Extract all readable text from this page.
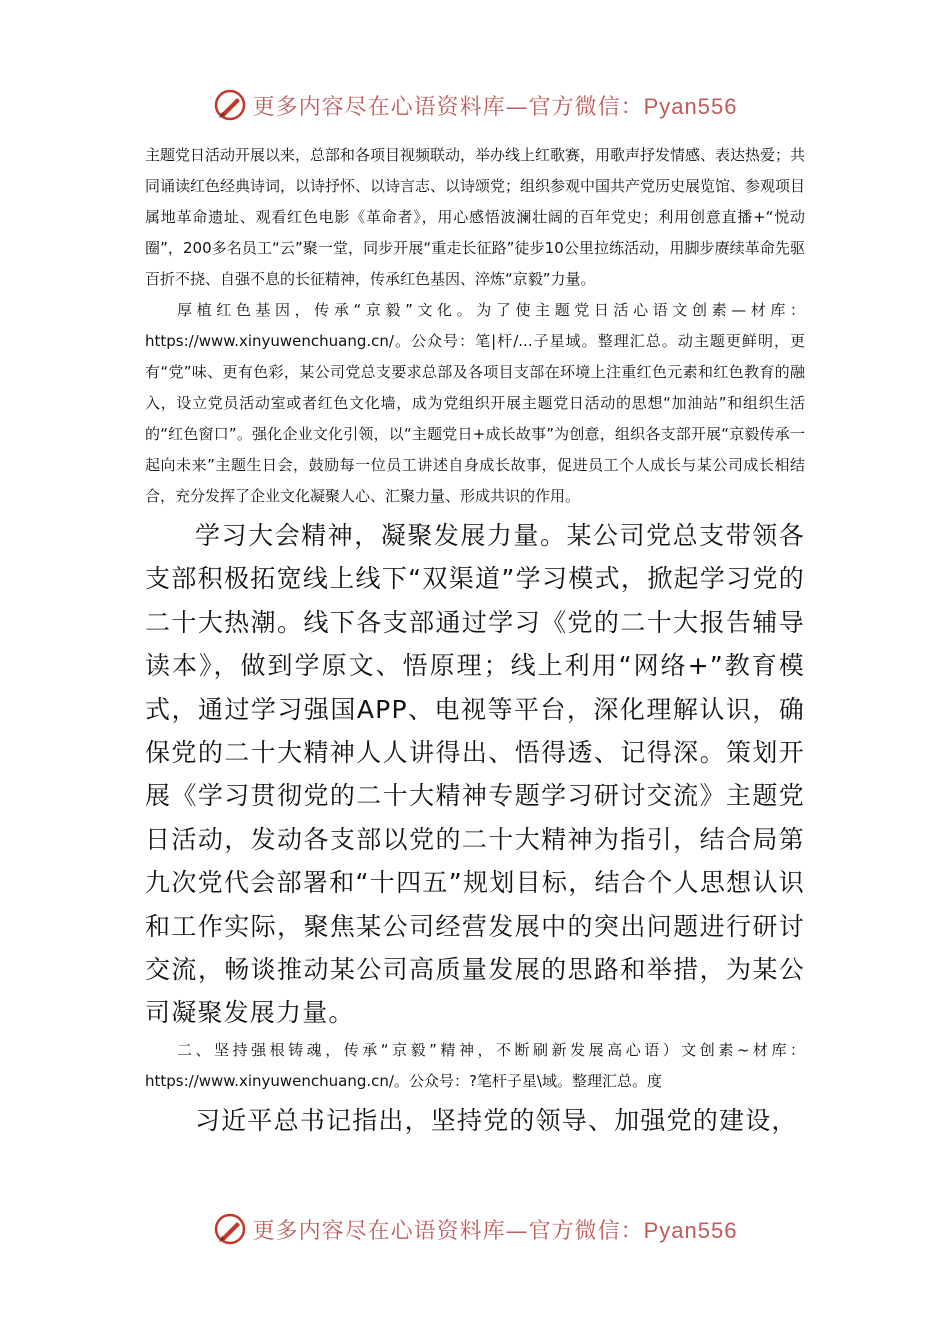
更多内容尽在心语资料库—官方微信：Pyan556

主题党日活动开展以来，总部和各项目视频联动，举办线上红歌赛，用歌声抒发情感、表达热爱；共同诵读红色经典诗词，以诗抒怀、以诗言志、以诗颂党；组织参观中国共产党历史展览馆、参观项目属地革命遗址、观看红色电影《革命者》，用心感悟波澜壮阔的百年党史；利用创意直播+“悦动圈”，200多名员工“云”聚一堂，同步开展“重走长征路”徒步10公里拉练活动，用脚步赓续革命先驱百折不挠、自强不息的长征精神，传承红色基因、淬炼“京毅”力量。

厚植红色基因，传承“京毅”文化。为了使主题党日活心语文创素—材库：https://www.xinyuwenchuang.cn/。公众号：笔|杆/...子星域。整理汇总。动主题更鲜明，更有“党”味、更有色彩，某公司党总支要求总部及各项目支部在环境上注重红色元素和红色教育的融入，设立党员活动室或者红色文化墙，成为党组织开展主题党日活动的思想“加油站”和组织生活的“红色窗口”。强化企业文化引领，以“主题党日+成长故事”为创意，组织各支部开展“京毅传承一起向未来”主题生日会，鼓励每一位员工讲述自身成长故事，促进员工个人成长与某公司成长相结合，充分发挥了企业文化凝聚人心、汇聚力量、形成共识的作用。

学习大会精神，凝聚发展力量。某公司党总支带领各支部积极拓宽线上线下“双渠道”学习模式，掀起学习党的二十大热潮。线下各支部通过学习《党的二十大报告辅导读本》，做到学原文、悟原理；线上利用“网络+”教育模式，通过学习强国APP、电视等平台，深化理解认识，确保党的二十大精神人人讲得出、悟得透、记得深。策划开展《学习贯彻党的二十大精神专题学习研讨交流》主题党日活动，发动各支部以党的二十大精神为指引，结合局第九次党代会部署和“十四五”规划目标，结合个人思想认识和工作实际，聚焦某公司经营发展中的突出问题进行研讨交流，畅谈推动某公司高质量发展的思路和举措，为某公司凝聚发展力量。

二、坚持强根铸魂，传承“京毅”精神，不断刷新发展高心语）文创素~材库：https://www.xinyuwenchuang.cn/。公众号：?笔杆子星\域。整理汇总。度

习近平总书记指出，坚持党的领导、加强党的建设，

更多内容尽在心语资料库—官方微信：Pyan556
